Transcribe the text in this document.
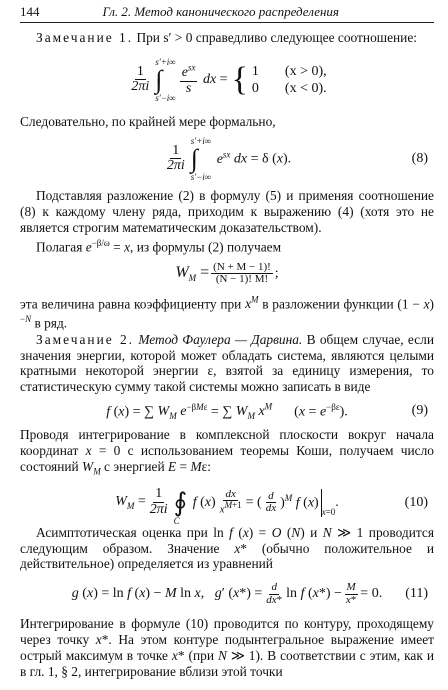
144	Гл. 2. Метод канонического распределения

Замечание 1. При s′ > 0 справедливо следующее соотношение:

$\frac{1}{2\pi i}$
s′+i∞
∫
s′−i∞
$\frac{e^{sx}}{s}$ dx = { 1 (x > 0),
0 (x < 0).

Следовательно, по крайней мере формально,

$\frac{1}{2\pi i}$
s′+i∞
∫
s′−i∞
$e^{sx}$ dx = δ (x).	(8)

Подставляя разложение (2) в формулу (5) и применяя соотношение (8) к каждому члену ряда, приходим к выражению (4) (хотя это не является строгим математическим доказательством).

Полагая $e^{-\beta/\omega} = x$, из формулы (2) получаем

$W_M = \frac{(N + M - 1)!}{(N - 1)! M!}$ ;

эта величина равна коэффициенту при $x^M$ в разложении функции $(1 - x)^{-N}$ в ряд.

Замечание 2. Метод Фаулера — Дарвина. В общем случае, если значения энергии, которой может обладать система, являются целыми кратными некоторой энергии ε, взятой за единицу измерения, то статистическую сумму такой системы можно записать в виде

f (x) = ∑ $W_M$ $e^{-\beta M\varepsilon}$ = ∑ $W_M$ $x^M$ $(x = e^{-\beta\varepsilon})$.	(9)

Проводя интегрирование в комплексной плоскости вокруг начала координат x = 0 с использованием теоремы Коши, получаем число состояний $W_M$ с энергией E = Mε:

$W_M = \frac{1}{2\pi i}$
∮
C
f $(x) \frac{dx}{x^{M+1}}$ = ( $\frac{d}{dx} )^M$ f (x)
x=0
.	(10)

Асимптотическая оценка при ln f (x) = O (N) и N ≫ 1 проводится следующим образом. Значение x* (обычно положительное и действительное) определяется из уравнений

g (x) = ln f (x) − M ln x,   g′ $(x*) = \frac{d}{dx*}$ ln f $(x*) - \frac{M}{x*} = 0$. (11)

Интегрирование в формуле (10) проводится по контуру, проходящему через точку x*. На этом контуре подынтегральное выражение имеет острый максимум в точке x* (при N ≫ 1). В соответствии с этим, как и в гл. 1, § 2, интегрирование вблизи этой точки
